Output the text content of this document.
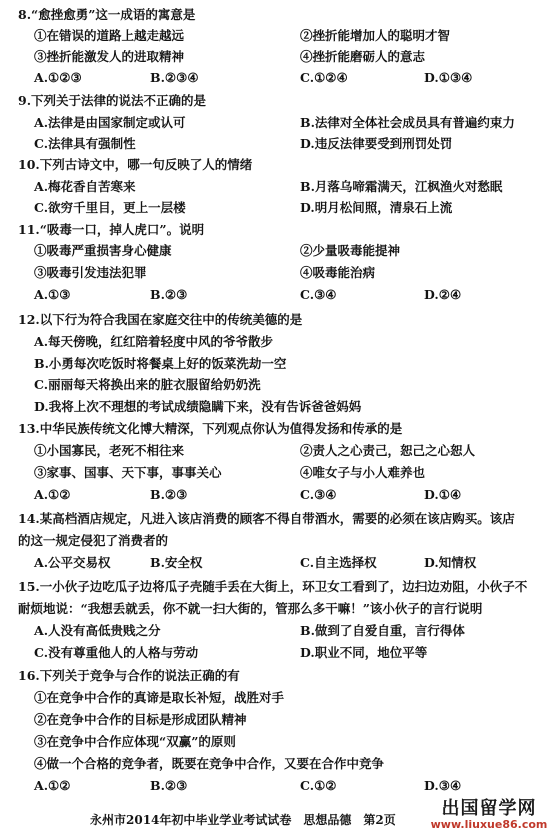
8.“愈挫愈勇”这一成语的寓意是
①在错误的道路上越走越远	②挫折能增加人的聪明才智
③挫折能激发人的进取精神	④挫折能磨砺人的意志
A.①②③	B.②③④	C.①②④	D.①③④
9.下列关于法律的说法不正确的是
A.法律是由国家制定或认可	B.法律对全体社会成员具有普遍约束力
C.法律具有强制性	D.违反法律要受到刑罚处罚
10.下列古诗文中，哪一句反映了人的情绪
A.梅花香自苦寒来	B.月落乌啼霜满天，江枫渔火对愁眠
C.欲穷千里目，更上一层楼	D.明月松间照，清泉石上流
11.“吸毒一口，掉人虎口”。说明
①吸毒严重损害身心健康	②少量吸毒能提神
③吸毒引发违法犯罪	④吸毒能治病
A.①③	B.②③	C.③④	D.②④
12.以下行为符合我国在家庭交往中的传统美德的是
A.每天傍晚，红红陪着轻度中风的爷爷散步
B.小勇每次吃饭时将餐桌上好的饭菜洗劫一空
C.丽丽每天将换出来的脏衣服留给奶奶洗
D.我将上次不理想的考试成绩隐瞒下来，没有告诉爸爸妈妈
13.中华民族传统文化博大精深，下列观点你认为值得发扬和传承的是
①小国寡民，老死不相往来	②责人之心责己，恕己之心恕人
③家事、国事、天下事，事事关心	④唯女子与小人难养也
A.①②	B.②③	C.③④	D.①④
14.某高档酒店规定，凡进入该店消费的顾客不得自带酒水，需要的必须在该店购买。该店
的这一规定侵犯了消费者的
A.公平交易权	B.安全权	C.自主选择权	D.知情权
15.一小伙子边吃瓜子边将瓜子壳随手丢在大街上，环卫女工看到了，边扫边劝阻，小伙子不
耐烦地说：“我想丢就丢，你不就一扫大街的，管那么多干嘛！”该小伙子的言行说明
A.人没有高低贵贱之分	B.做到了自爱自重，言行得体
C.没有尊重他人的人格与劳动	D.职业不同，地位平等
16.下列关于竞争与合作的说法正确的有
①在竞争中合作的真谛是取长补短，战胜对手
②在竞争中合作的目标是形成团队精神
③在竞争中合作应体现“双赢”的原则
④做一个合格的竞争者，既要在竞争中合作，又要在合作中竞争
A.①②	B.②③	C.①②	D.③④
永州市2014年初中毕业学业考试试卷　思想品德　第2页
出国留学网
www.liuxue86.com
